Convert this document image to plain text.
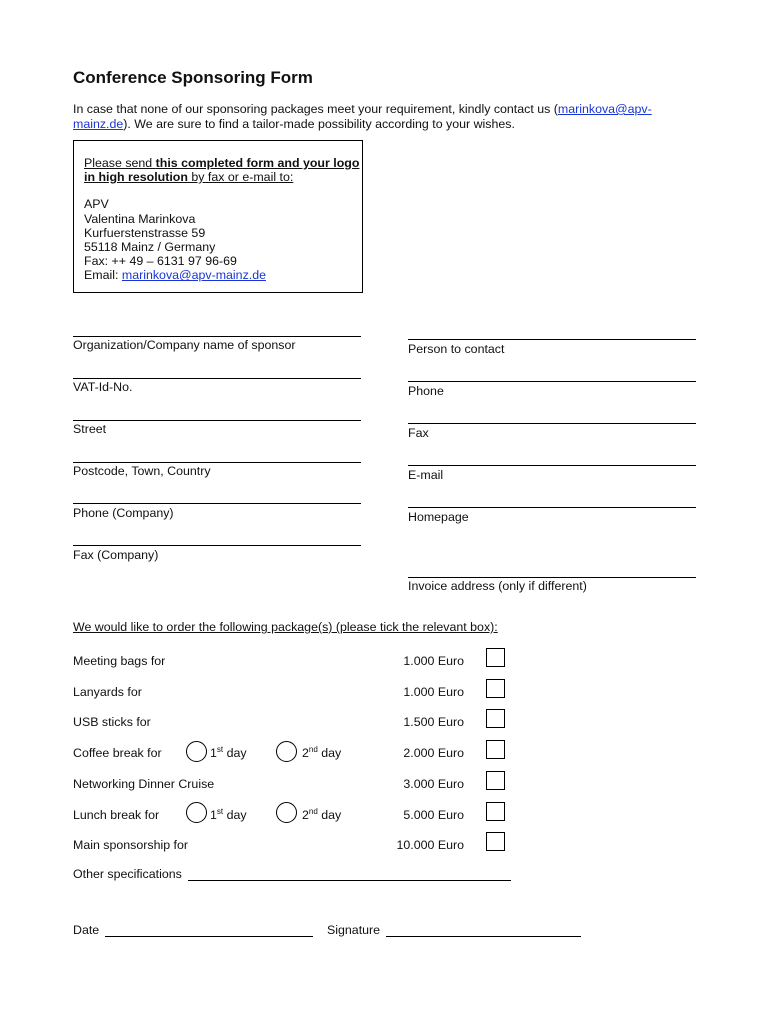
Conference Sponsoring Form
In case that none of our sponsoring packages meet your requirement, kindly contact us (marinkova@apv-mainz.de). We are sure to find a tailor-made possibility according to your wishes.
Please send this completed form and your logo in high resolution by fax or e-mail to:
APV
Valentina Marinkova
Kurfuerstenstrasse 59
55118 Mainz / Germany
Fax: ++ 49 – 6131 97 96-69
Email: marinkova@apv-mainz.de
Organization/Company name of sponsor
VAT-Id-No.
Street
Postcode, Town, Country
Phone (Company)
Fax (Company)
Person to contact
Phone
Fax
E-mail
Homepage
Invoice address (only if different)
We would like to order the following package(s) (please tick the relevant box):
Meeting bags for	1.000 Euro
Lanyards for	1.000 Euro
USB sticks for	1.500 Euro
Coffee break for	1st day	2nd day	2.000 Euro
Networking Dinner Cruise	3.000 Euro
Lunch break for	1st day	2nd day	5.000 Euro
Main sponsorship for	10.000 Euro
Other specifications
Date	Signature
